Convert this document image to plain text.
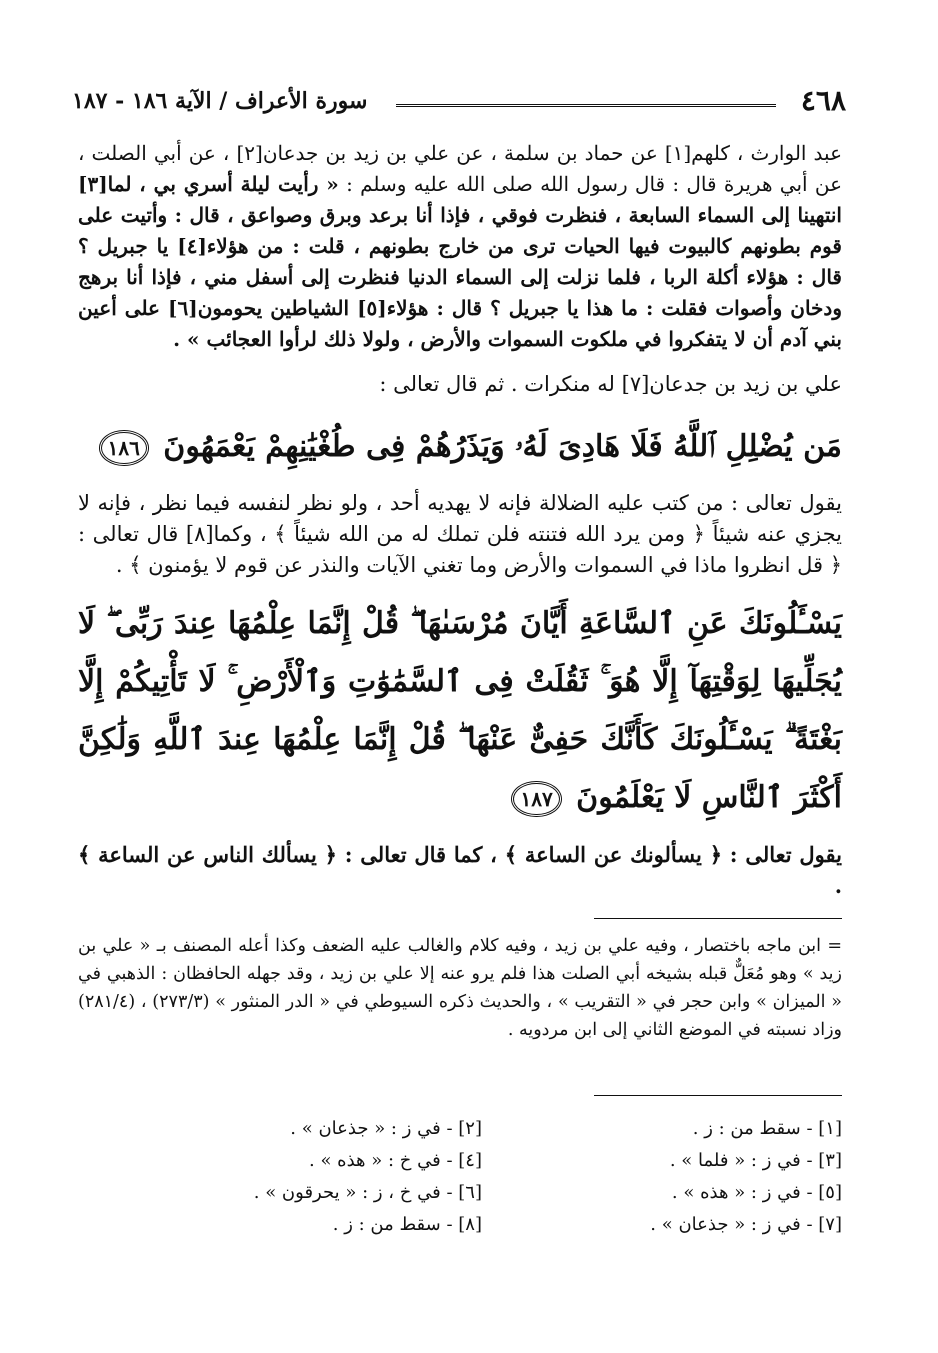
٤٦٨
سورة الأعراف / الآية ١٨٦ - ١٨٧

عبد الوارث ، كلهم[١] عن حماد بن سلمة ، عن علي بن زيد بن جدعان[٢] ، عن أبي الصلت ، عن أبي هريرة قال : قال رسول الله صلى الله عليه وسلم : « رأيت ليلة أسري بي ، لما[٣] انتهينا إلى السماء السابعة ، فنظرت فوقي ، فإذا أنا برعد وبرق وصواعق ، قال : وأتيت على قوم بطونهم كالبيوت فيها الحيات ترى من خارج بطونهم ، قلت : من هؤلاء[٤] يا جبريل ؟ قال : هؤلاء أكلة الربا ، فلما نزلت إلى السماء الدنيا فنظرت إلى أسفل مني ، فإذا أنا برهج ودخان وأصوات فقلت : ما هذا يا جبريل ؟ قال : هؤلاء[٥] الشياطين يحومون[٦] على أعين بني آدم أن لا يتفكروا في ملكوت السموات والأرض ، ولولا ذلك لرأوا العجائب » .

علي بن زيد بن جدعان[٧] له منكرات . ثم قال تعالى :

مَن يُضْلِلِ ٱللَّهُ فَلَا هَادِىَ لَهُۥ وَيَذَرُهُمْ فِى طُغْيَٰنِهِمْ يَعْمَهُونَ ١٨٦

يقول تعالى : من كتب عليه الضلالة فإنه لا يهديه أحد ، ولو نظر لنفسه فيما نظر ، فإنه لا يجزي عنه شيئاً ﴿ ومن يرد الله فتنته فلن تملك له من الله شيئاً ﴾ ، وكما[٨] قال تعالى : ﴿ قل انظروا ماذا في السموات والأرض وما تغني الآيات والنذر عن قوم لا يؤمنون ﴾ .

يَسْـَٔلُونَكَ عَنِ ٱلسَّاعَةِ أَيَّانَ مُرْسَىٰهَا ۖ قُلْ إِنَّمَا عِلْمُهَا عِندَ رَبِّى ۖ لَا يُجَلِّيهَا لِوَقْتِهَآ إِلَّا هُوَ ۚ ثَقُلَتْ فِى ٱلسَّمَٰوَٰتِ وَٱلْأَرْضِ ۚ لَا تَأْتِيكُمْ إِلَّا بَغْتَةً ۗ يَسْـَٔلُونَكَ كَأَنَّكَ حَفِىٌّ عَنْهَا ۖ قُلْ إِنَّمَا عِلْمُهَا عِندَ ٱللَّهِ وَلَٰكِنَّ أَكْثَرَ ٱلنَّاسِ لَا يَعْلَمُونَ ١٨٧

يقول تعالى : ﴿ يسألونك عن الساعة ﴾ ، كما قال تعالى : ﴿ يسألك الناس عن الساعة ﴾ .

= ابن ماجه باختصار ، وفيه علي بن زيد ، وفيه كلام والغالب عليه الضعف وكذا أعله المصنف بـ « علي بن زيد » وهو مُعَلٌّ قبله بشيخه أبي الصلت هذا فلم يرو عنه إلا علي بن زيد ، وقد جهله الحافظان : الذهبي في « الميزان » وابن حجر في « التقريب » ، والحديث ذكره السيوطي في « الدر المنثور » (٢٧٣/٣) ، (٢٨١/٤) وزاد نسبته في الموضع الثاني إلى ابن مردويه .
[١] - سقط من : ز .
[٣] - في ز : « فلما » .
[٥] - في ز : « هذه » .
[٧] - في ز : « جذعان » .
[٢] - في ز : « جذعان » .
[٤] - في خ : « هذه » .
[٦] - في خ ، ز : « يحرقون » .
[٨] - سقط من : ز .
